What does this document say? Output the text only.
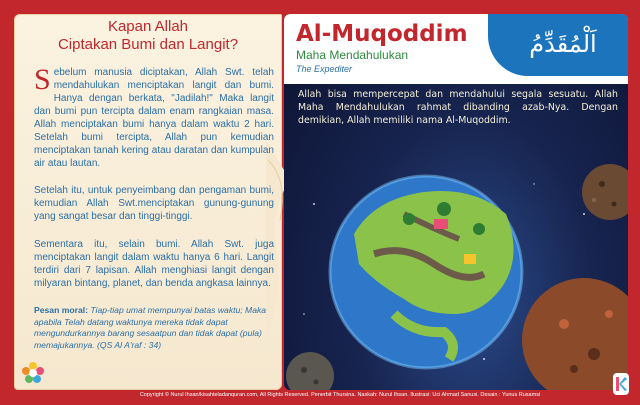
Kapan Allah
Ciptakan Bumi dan Langit?
Sebelum manusia diciptakan, Allah Swt. telah mendahulukan menciptakan langit dan bumi. Hanya dengan berkata, "Jadilah!" Maka langit dan bumi pun tercipta dalam enam rangkaian masa. Allah menciptakan bumi hanya dalam waktu 2 hari. Setelah bumi tercipta, Allah pun kemudian menciptakan tanah kering atau daratan dan kumpulan air atau lautan.
Setelah itu, untuk penyeimbang dan pengaman bumi, kemudian Allah Swt.menciptakan gunung-gunung yang sangat besar dan tinggi-tinggi.
Sementara itu, selain bumi. Allah Swt. juga menciptakan langit dalam waktu hanya 6 hari. Langit terdiri dari 7 lapisan. Allah menghiasi langit dengan milyaran bintang, planet, dan benda angkasa lainnya.
Pesan moral: Tiap-tiap umat mempunyai batas waktu; Maka apabila Telah datang waktunya mereka tidak dapat mengundurkannya barang sesaatpun dan tidak dapat (pula) memajukannya. (QS Al A'raf : 34)
اَلْمُقَدِّمُ
Al-Muqoddim
Maha Mendahulukan
The Expediter
Allah bisa mempercepat dan mendahului segala sesuatu. Allah Maha Mendahulukan rahmat dibanding azab-Nya. Dengan demikian, Allah memiliki nama Al-Muqoddim.
Copyright © Nurul Ihsan/kisahteladanquran.com, All Rights Reserved. Penerbit Thursina. Naskah: Nurul Ihsan. Ilustrasi: Uci Ahmad Sanusi. Desain : Yunus Rusamsi
